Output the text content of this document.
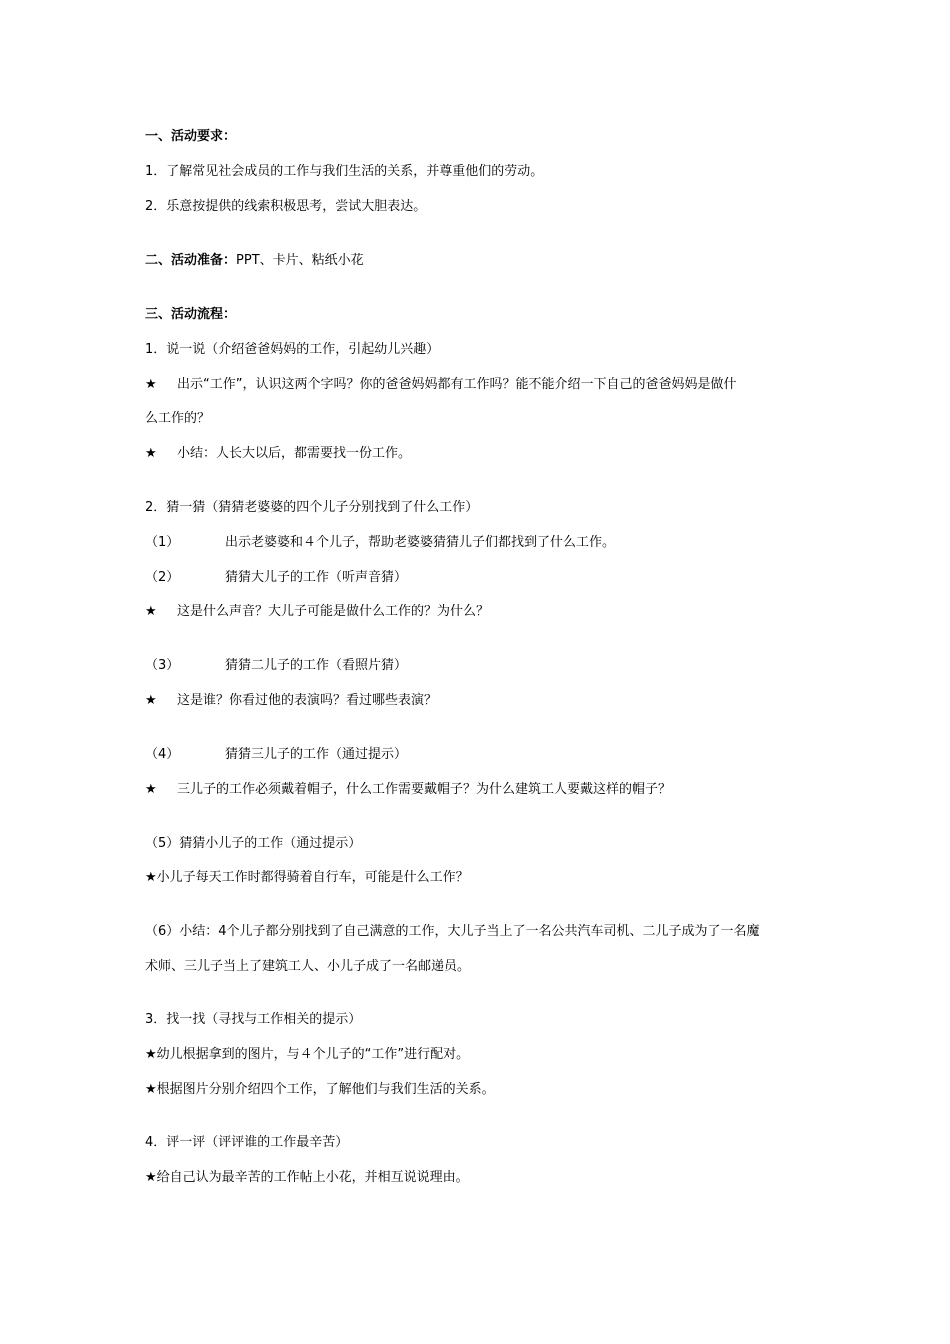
一、活动要求：
1．了解常见社会成员的工作与我们生活的关系，并尊重他们的劳动。
2．乐意按提供的线索积极思考，尝试大胆表达。
二、活动准备：PPT、卡片、粘纸小花
三、活动流程：
1．说一说（介绍爸爸妈妈的工作，引起幼儿兴趣）
★ 出示“工作”，认识这两个字吗？你的爸爸妈妈都有工作吗？能不能介绍一下自己的爸爸妈妈是做什
么工作的？
★ 小结：人长大以后，都需要找一份工作。
2．猜一猜（猜猜老婆婆的四个儿子分别找到了什么工作）
（1）	出示老婆婆和４个儿子，帮助老婆婆猜猜儿子们都找到了什么工作。
（2）	猜猜大儿子的工作（听声音猜）
★ 这是什么声音？大儿子可能是做什么工作的？为什么？
（3）	猜猜二儿子的工作（看照片猜）
★ 这是谁？你看过他的表演吗？看过哪些表演？
（4）	猜猜三儿子的工作（通过提示）
★ 三儿子的工作必须戴着帽子，什么工作需要戴帽子？为什么建筑工人要戴这样的帽子？
（5）猜猜小儿子的工作（通过提示）
★小儿子每天工作时都得骑着自行车，可能是什么工作？
（6）小结：4个儿子都分别找到了自己满意的工作，大儿子当上了一名公共汽车司机、二儿子成为了一名魔
术师、三儿子当上了建筑工人、小儿子成了一名邮递员。
3．找一找（寻找与工作相关的提示）
★幼儿根据拿到的图片，与４个儿子的“工作”进行配对。
★根据图片分别介绍四个工作，了解他们与我们生活的关系。
4．评一评（评评谁的工作最辛苦）
★给自己认为最辛苦的工作帖上小花，并相互说说理由。
